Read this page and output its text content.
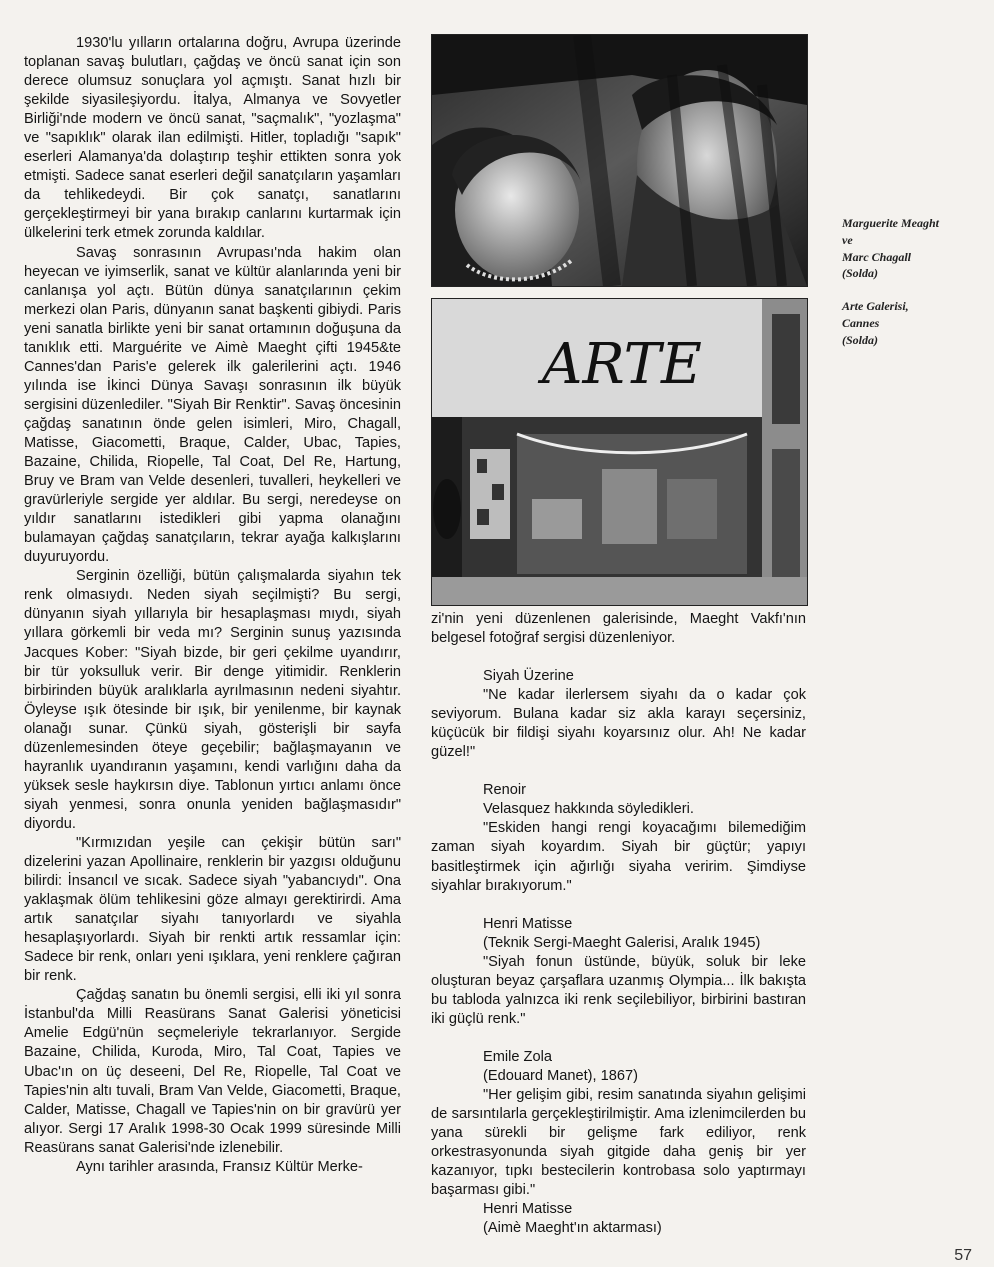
1930'lu yılların ortalarına doğru, Avrupa üzerinde toplanan savaş bulutları, çağdaş ve öncü sanat için son derece olumsuz sonuçlara yol açmıştı. Sanat hızlı bir şekilde siyasileşiyordu. İtalya, Almanya ve Sovyetler Birliği'nde modern ve öncü sanat, "saçmalık", "yozlaşma" ve "sapıklık" olarak ilan edilmişti. Hitler, topladığı "sapık" eserleri Alamanya'da dolaştırıp teşhir ettikten sonra yok etmişti. Sadece sanat eserleri değil sanatçıların yaşamları da tehlikedeydi. Bir çok sanatçı, sanatlarını gerçekleştirmeyi bir yana bırakıp canlarını kurtarmak için ülkelerini terk etmek zorunda kaldılar.

Savaş sonrasının Avrupası'nda hakim olan heyecan ve iyimserlik, sanat ve kültür alanlarında yeni bir canlanışa yol açtı. Bütün dünya sanatçılarının çekim merkezi olan Paris, dünyanın sanat başkenti gibiydi. Paris yeni sanatla birlikte yeni bir sanat ortamının doğuşuna da tanıklık etti. Marguérite ve Aimè Maeght çifti 1945&te Cannes'dan Paris'e gelerek ilk galerilerini açtı. 1946 yılında ise İkinci Dünya Savaşı sonrasının ilk büyük sergisini düzenlediler. "Siyah Bir Renktir". Savaş öncesinin çağdaş sanatının önde gelen isimleri, Miro, Chagall, Matisse, Giacometti, Braque, Calder, Ubac, Tapies, Bazaine, Chilida, Riopelle, Tal Coat, Del Re, Hartung, Bruy ve Bram van Velde desenleri, tuvalleri, heykelleri ve gravürleriyle sergide yer aldılar. Bu sergi, neredeyse on yıldır sanatlarını istedikleri gibi yapma olanağını bulamayan çağdaş sanatçıların, tekrar ayağa kalkışlarını duyuruyordu.

Serginin özelliği, bütün çalışmalarda siyahın tek renk olmasıydı. Neden siyah seçilmişti? Bu sergi, dünyanın siyah yıllarıyla bir hesaplaşması mıydı, siyah yıllara görkemli bir veda mı? Serginin sunuş yazısında Jacques Kober: "Siyah bizde, bir geri çekilme uyandırır, bir tür yoksulluk verir. Bir denge yitimidir. Renklerin birbirinden büyük aralıklarla ayrılmasının nedeni siyahtır. Öyleyse ışık ötesinde bir ışık, bir yenilenme, bir kaynak olanağı sunar. Çünkü siyah, gösterişli bir sayfa düzenlemesinden öteye geçebilir; bağlaşmayanın ve hayranlık uyandıranın yaşamını, kendi varlığını daha da yüksek sesle haykırsın diye. Tablonun yırtıcı anlamı önce siyah yenmesi, sonra onunla yeniden bağlaşmasıdır" diyordu.

"Kırmızıdan yeşile can çekişir bütün sarı" dizelerini yazan Apollinaire, renklerin bir yazgısı olduğunu bilirdi: İnsancıl ve sıcak. Sadece siyah "yabancıydı". Ona yaklaşmak ölüm tehlikesini göze almayı gerektirirdi. Ama artık sanatçılar siyahı tanıyorlardı ve siyahla hesaplaşıyorlardı. Siyah bir renkti artık ressamlar için: Sadece bir renk, onları yeni ışıklara, yeni renklere çağıran bir renk.

Çağdaş sanatın bu önemli sergisi, elli iki yıl sonra İstanbul'da Milli Reasürans Sanat Galerisi yöneticisi Amelie Edgü'nün seçmeleriyle tekrarlanıyor. Sergide Bazaine, Chilida, Kuroda, Miro, Tal Coat, Tapies ve Ubac'ın on üç deseeni, Del Re, Riopelle, Tal Coat ve Tapies'nin altı tuvali, Bram Van Velde, Giacometti, Braque, Calder, Matisse, Chagall ve Tapies'nin on bir gravürü yer alıyor. Sergi 17 Aralık 1998-30 Ocak 1999 süresinde Milli Reasürans sanat Galerisi'nde izlenebilir.

Aynı tarihler arasında, Fransız Kültür Merke-

ARTE

Marguerite Meaght
ve
Marc Chagall
(Solda)

Arte Galerisi,
Cannes
(Solda)

zi'nin yeni düzenlenen galerisinde, Maeght Vakfı'nın belgesel fotoğraf sergisi düzenleniyor.

Siyah Üzerine

"Ne kadar ilerlersem siyahı da o kadar çok seviyorum. Bulana kadar siz akla karayı seçersiniz, küçücük bir fildişi siyahı koyarsınız olur. Ah! Ne kadar güzel!"

Renoir

Velasquez hakkında söyledikleri.

"Eskiden hangi rengi koyacağımı bilemediğim zaman siyah koyardım. Siyah bir güçtür; yapıyı basitleştirmek için ağırlığı siyaha veririm. Şimdiyse siyahlar bırakıyorum."

Henri Matisse

(Teknik Sergi-Maeght Galerisi, Aralık 1945)

"Siyah fonun üstünde, büyük, soluk bir leke oluşturan beyaz çarşaflara uzanmış Olympia... İlk bakışta bu tabloda yalnızca iki renk seçilebiliyor, birbirini bastıran iki güçlü renk."

Emile Zola

(Edouard Manet), 1867)

"Her gelişim gibi, resim sanatında siyahın gelişimi de sarsıntılarla gerçekleştirilmiştir. Ama izlenimcilerden bu yana sürekli bir gelişme fark ediliyor, renk orkestrasyonunda siyah gitgide daha geniş bir yer kazanıyor, tıpkı bestecilerin kontrobasa solo yaptırmayı başarması gibi."

Henri Matisse

(Aimè Maeght'ın aktarması)

57
